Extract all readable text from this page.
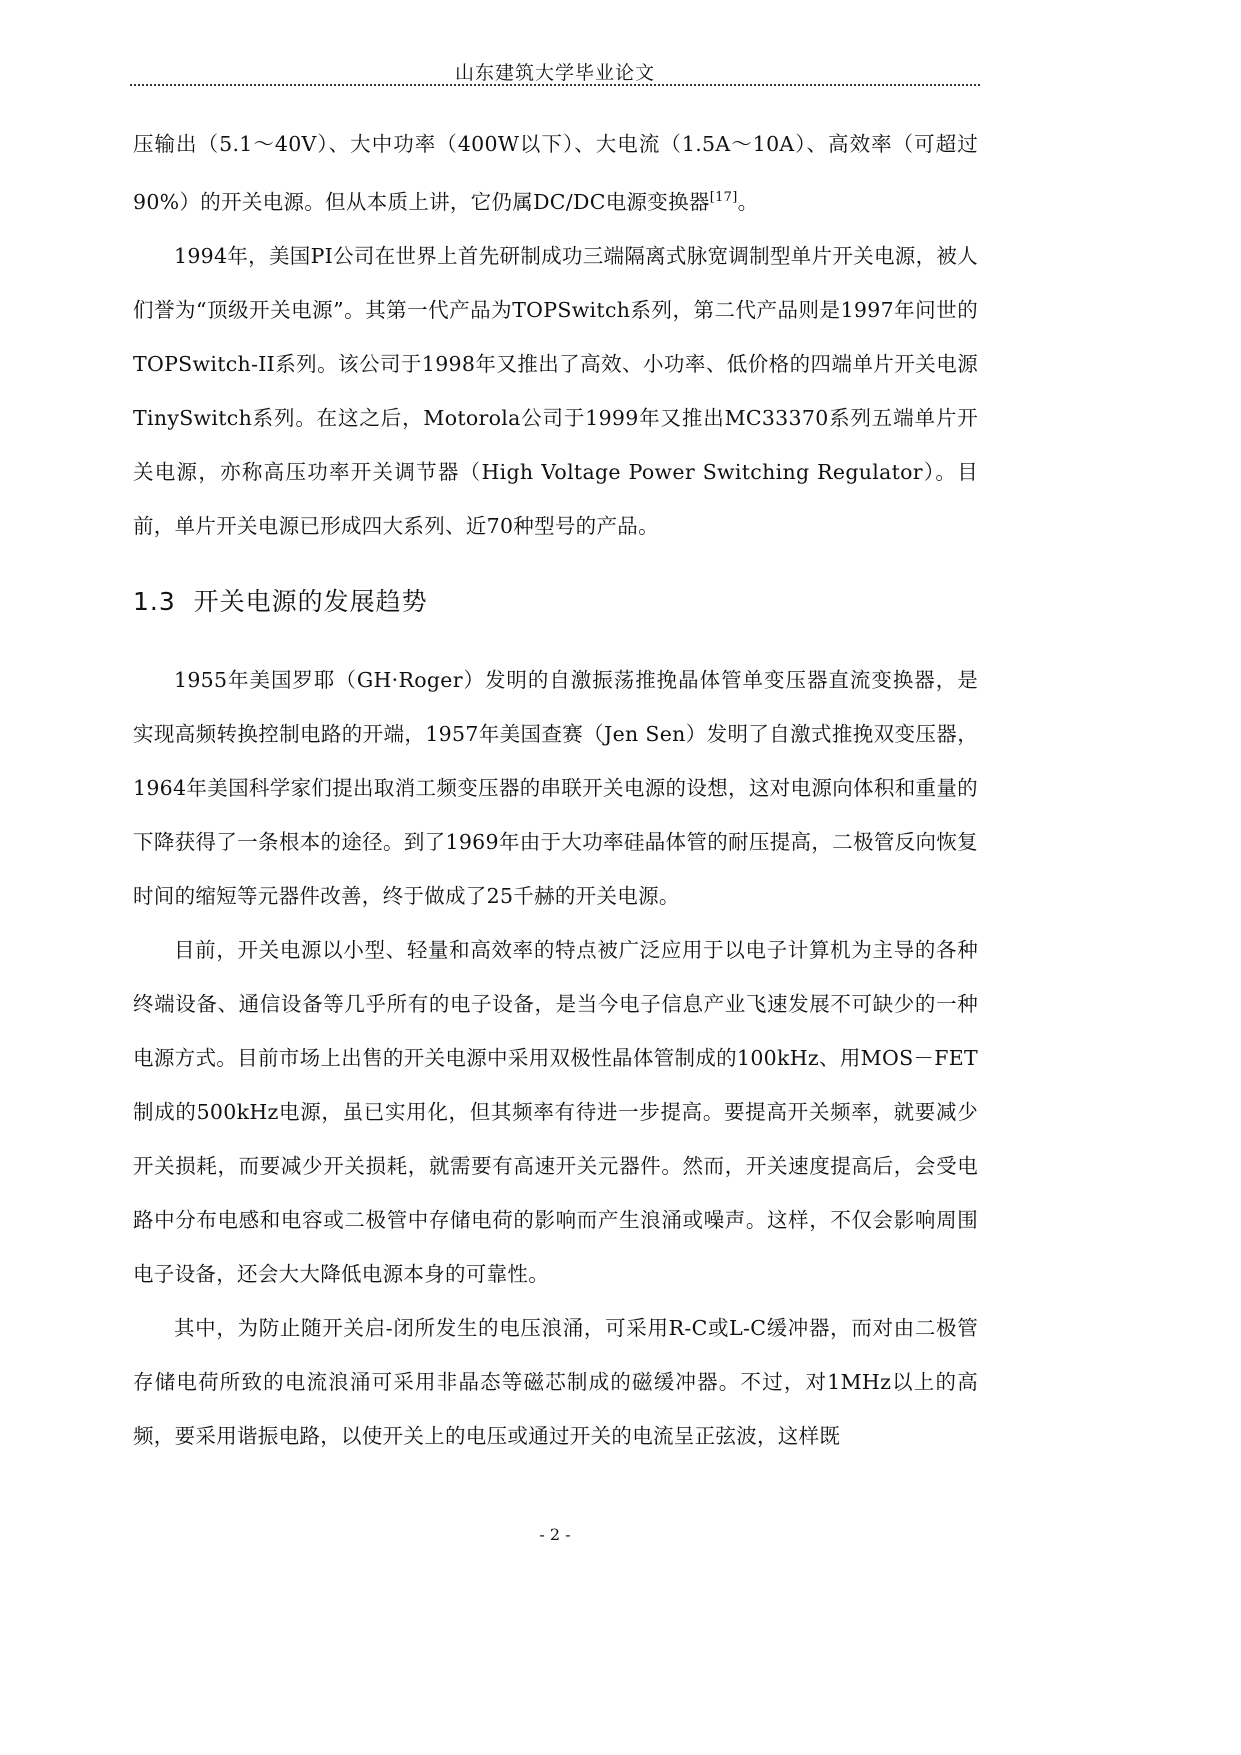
山东建筑大学毕业论文

压输出（5.1～40V）、大中功率（400W以下）、大电流（1.5A～10A）、高效率（可超过90%）的开关电源。但从本质上讲，它仍属DC/DC电源变换器[17]。

1994年，美国PI公司在世界上首先研制成功三端隔离式脉宽调制型单片开关电源，被人们誉为“顶级开关电源”。其第一代产品为TOPSwitch系列，第二代产品则是1997年问世的TOPSwitch-II系列。该公司于1998年又推出了高效、小功率、低价格的四端单片开关电源TinySwitch系列。在这之后，Motorola公司于1999年又推出MC33370系列五端单片开关电源，亦称高压功率开关调节器（High Voltage Power Switching Regulator）。目前，单片开关电源已形成四大系列、近70种型号的产品。

1.3 开关电源的发展趋势

1955年美国罗耶（GH·Roger）发明的自激振荡推挽晶体管单变压器直流变换器，是实现高频转换控制电路的开端，1957年美国查赛（Jen Sen）发明了自激式推挽双变压器，1964年美国科学家们提出取消工频变压器的串联开关电源的设想，这对电源向体积和重量的下降获得了一条根本的途径。到了1969年由于大功率硅晶体管的耐压提高，二极管反向恢复时间的缩短等元器件改善，终于做成了25千赫的开关电源。

目前，开关电源以小型、轻量和高效率的特点被广泛应用于以电子计算机为主导的各种终端设备、通信设备等几乎所有的电子设备，是当今电子信息产业飞速发展不可缺少的一种电源方式。目前市场上出售的开关电源中采用双极性晶体管制成的100kHz、用MOS－FET制成的500kHz电源，虽已实用化，但其频率有待进一步提高。要提高开关频率，就要减少开关损耗，而要减少开关损耗，就需要有高速开关元器件。然而，开关速度提高后，会受电路中分布电感和电容或二极管中存储电荷的影响而产生浪涌或噪声。这样，不仅会影响周围电子设备，还会大大降低电源本身的可靠性。

其中，为防止随开关启-闭所发生的电压浪涌，可采用R-C或L-C缓冲器，而对由二极管存储电荷所致的电流浪涌可采用非晶态等磁芯制成的磁缓冲器。不过，对1MHz以上的高频，要采用谐振电路，以使开关上的电压或通过开关的电流呈正弦波，这样既

- 2 -
